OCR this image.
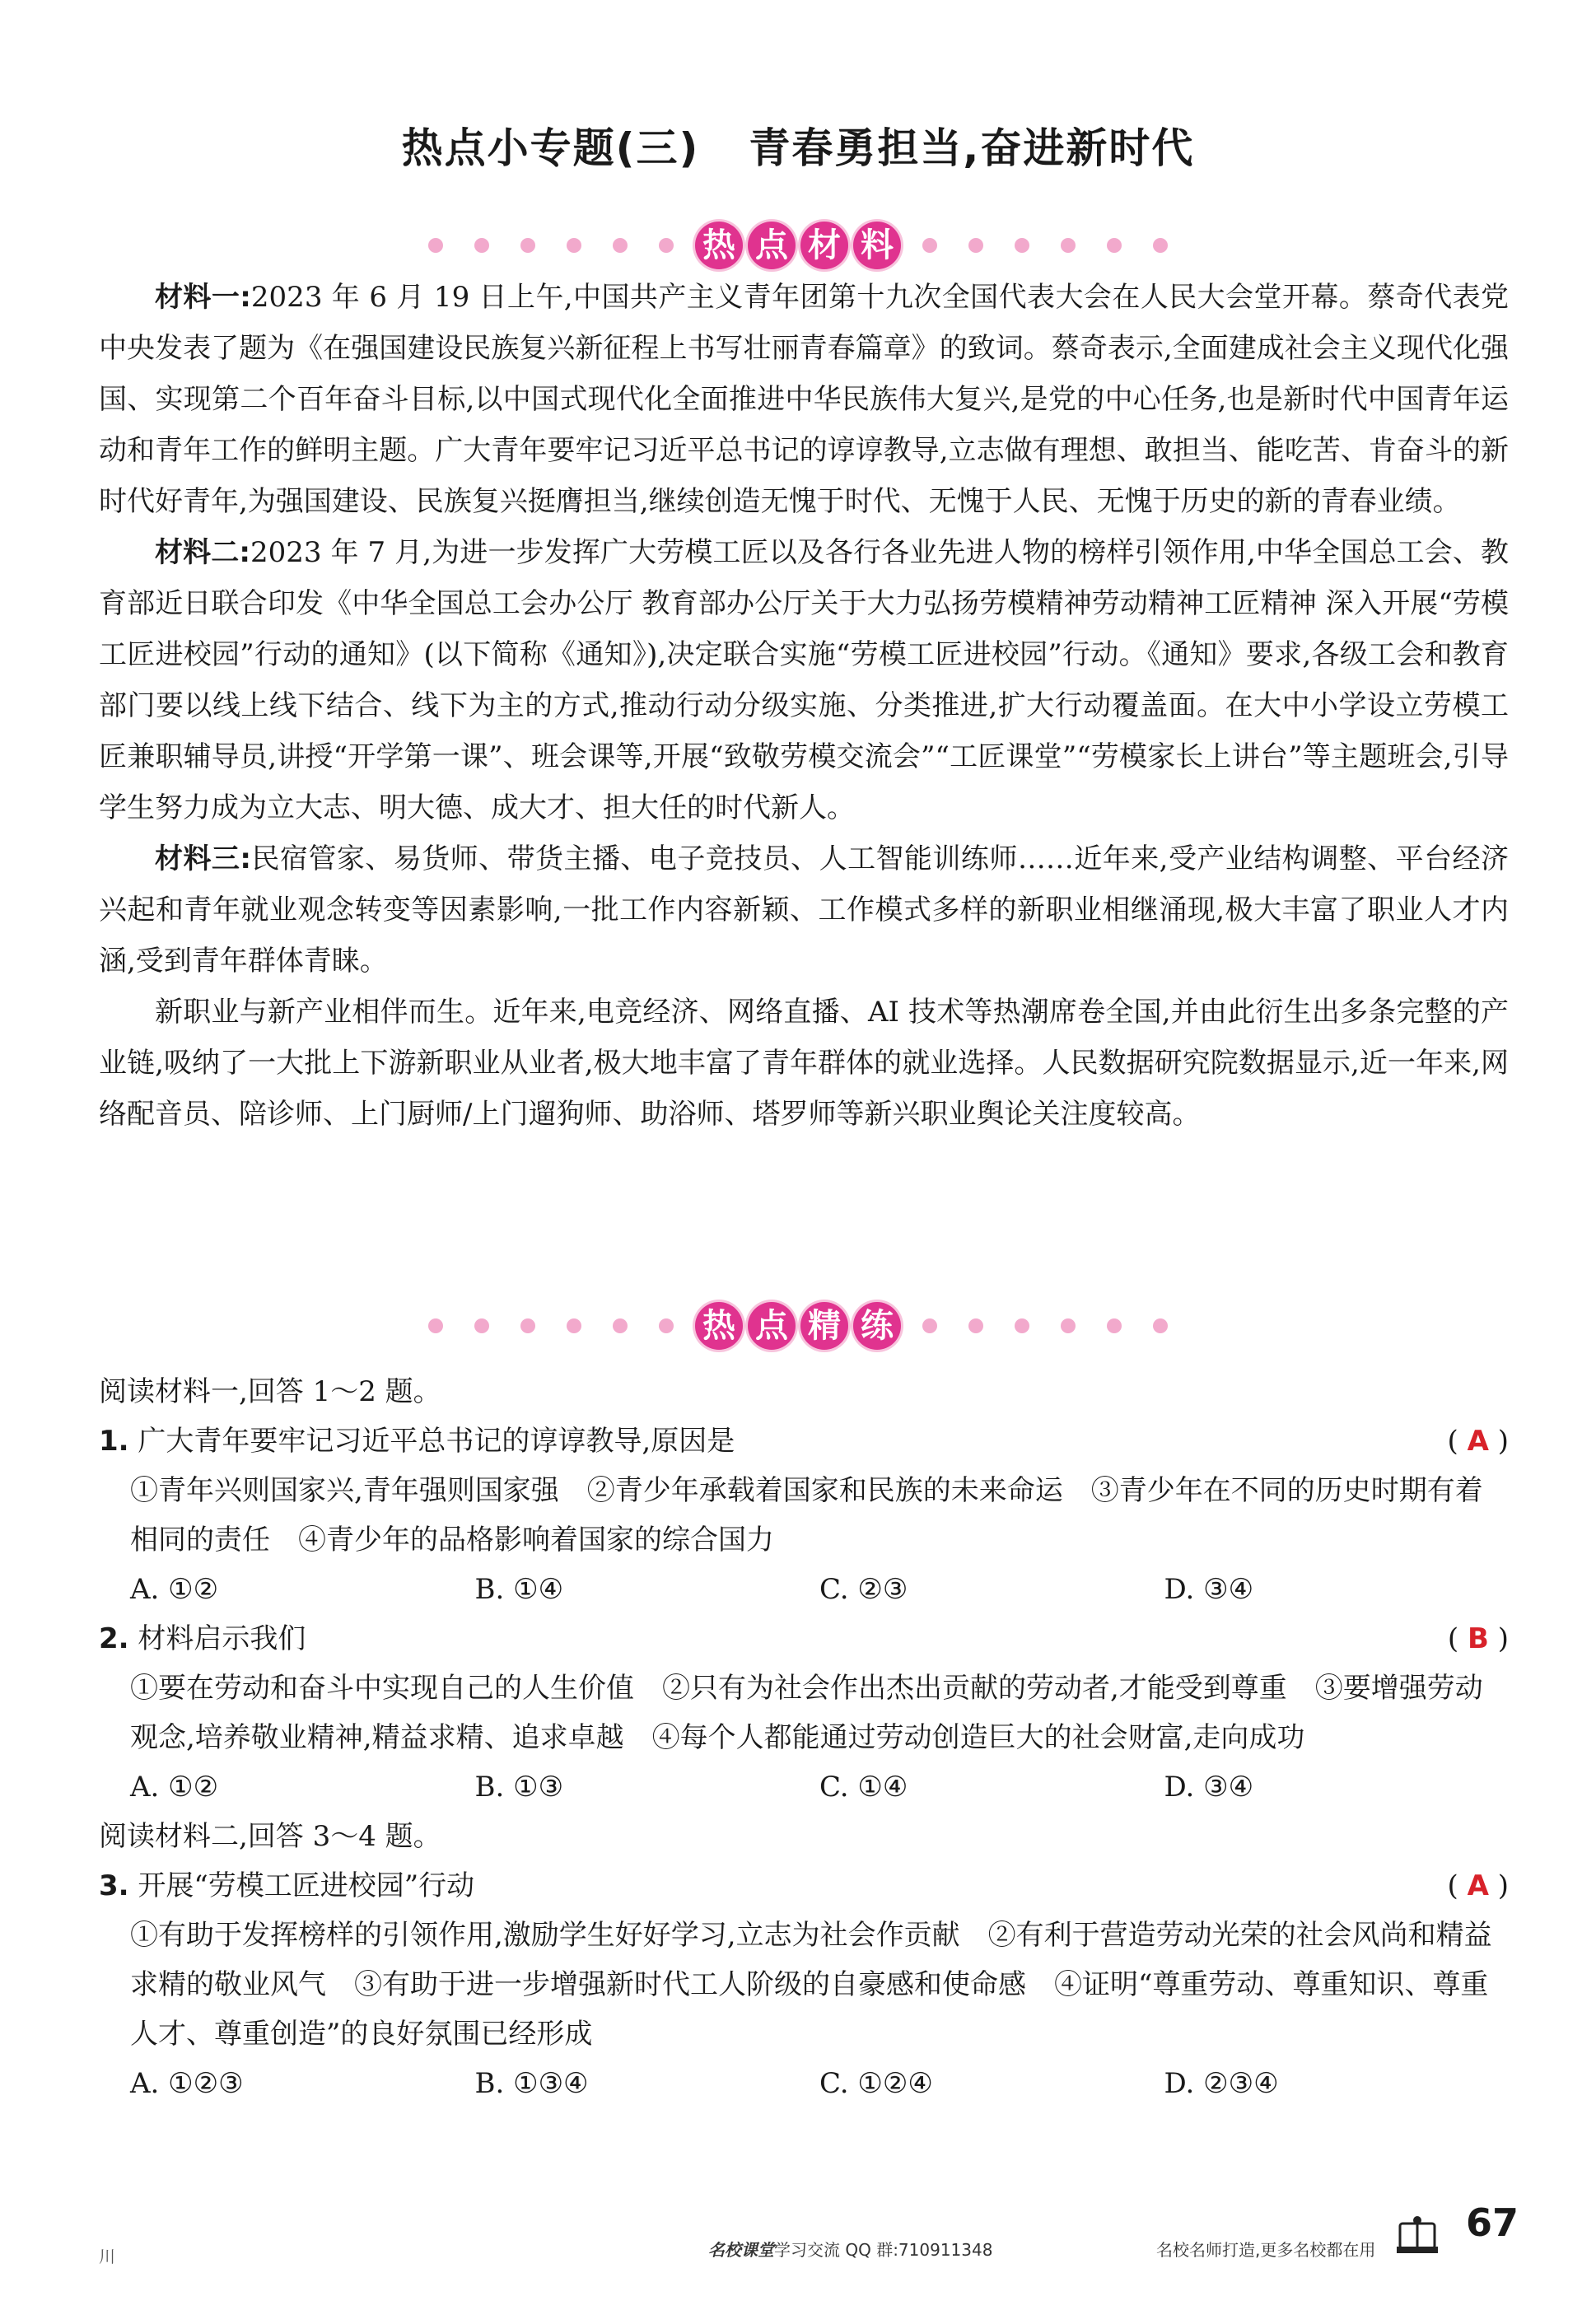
热点小专题(三) 青春勇担当,奋进新时代
热 点 材 料

材料一:2023 年 6 月 19 日上午,中国共产主义青年团第十九次全国代表大会在人民大会堂开幕。蔡奇代表党中央发表了题为《在强国建设民族复兴新征程上书写壮丽青春篇章》的致词。蔡奇表示,全面建成社会主义现代化强国、实现第二个百年奋斗目标,以中国式现代化全面推进中华民族伟大复兴,是党的中心任务,也是新时代中国青年运动和青年工作的鲜明主题。广大青年要牢记习近平总书记的谆谆教导,立志做有理想、敢担当、能吃苦、肯奋斗的新时代好青年,为强国建设、民族复兴挺膺担当,继续创造无愧于时代、无愧于人民、无愧于历史的新的青春业绩。

材料二:2023 年 7 月,为进一步发挥广大劳模工匠以及各行各业先进人物的榜样引领作用,中华全国总工会、教育部近日联合印发《中华全国总工会办公厅 教育部办公厅关于大力弘扬劳模精神劳动精神工匠精神 深入开展“劳模工匠进校园”行动的通知》(以下简称《通知》),决定联合实施“劳模工匠进校园”行动。《通知》要求,各级工会和教育部门要以线上线下结合、线下为主的方式,推动行动分级实施、分类推进,扩大行动覆盖面。在大中小学设立劳模工匠兼职辅导员,讲授“开学第一课”、班会课等,开展“致敬劳模交流会”“工匠课堂”“劳模家长上讲台”等主题班会,引导学生努力成为立大志、明大德、成大才、担大任的时代新人。

材料三:民宿管家、易货师、带货主播、电子竞技员、人工智能训练师……近年来,受产业结构调整、平台经济兴起和青年就业观念转变等因素影响,一批工作内容新颖、工作模式多样的新职业相继涌现,极大丰富了职业人才内涵,受到青年群体青睐。

新职业与新产业相伴而生。近年来,电竞经济、网络直播、AI 技术等热潮席卷全国,并由此衍生出多条完整的产业链,吸纳了一大批上下游新职业从业者,极大地丰富了青年群体的就业选择。人民数据研究院数据显示,近一年来,网络配音员、陪诊师、上门厨师/上门遛狗师、助浴师、塔罗师等新兴职业舆论关注度较高。

热 点 精 练

阅读材料一,回答 1～2 题。

1. 广大青年要牢记习近平总书记的谆谆教导,原因是	( A )
①青年兴则国家兴,青年强则国家强　②青少年承载着国家和民族的未来命运　③青少年在不同的历史时期有着相同的责任　④青少年的品格影响着国家的综合国力
A. ①②	B. ①④	C. ②③	D. ③④
2. 材料启示我们	( B )
①要在劳动和奋斗中实现自己的人生价值　②只有为社会作出杰出贡献的劳动者,才能受到尊重　③要增强劳动观念,培养敬业精神,精益求精、追求卓越　④每个人都能通过劳动创造巨大的社会财富,走向成功
A. ①②	B. ①③	C. ①④	D. ③④

阅读材料二,回答 3～4 题。

3. 开展“劳模工匠进校园”行动	( A )
①有助于发挥榜样的引领作用,激励学生好好学习,立志为社会作贡献　②有利于营造劳动光荣的社会风尚和精益求精的敬业风气　③有助于进一步增强新时代工人阶级的自豪感和使命感　④证明“尊重劳动、尊重知识、尊重人才、尊重创造”的良好氛围已经形成
A. ①②③	B. ①③④	C. ①②④	D. ②③④
川	名校课堂学习交流 QQ 群:710911348	名校名师打造,更多名校都在用
67
